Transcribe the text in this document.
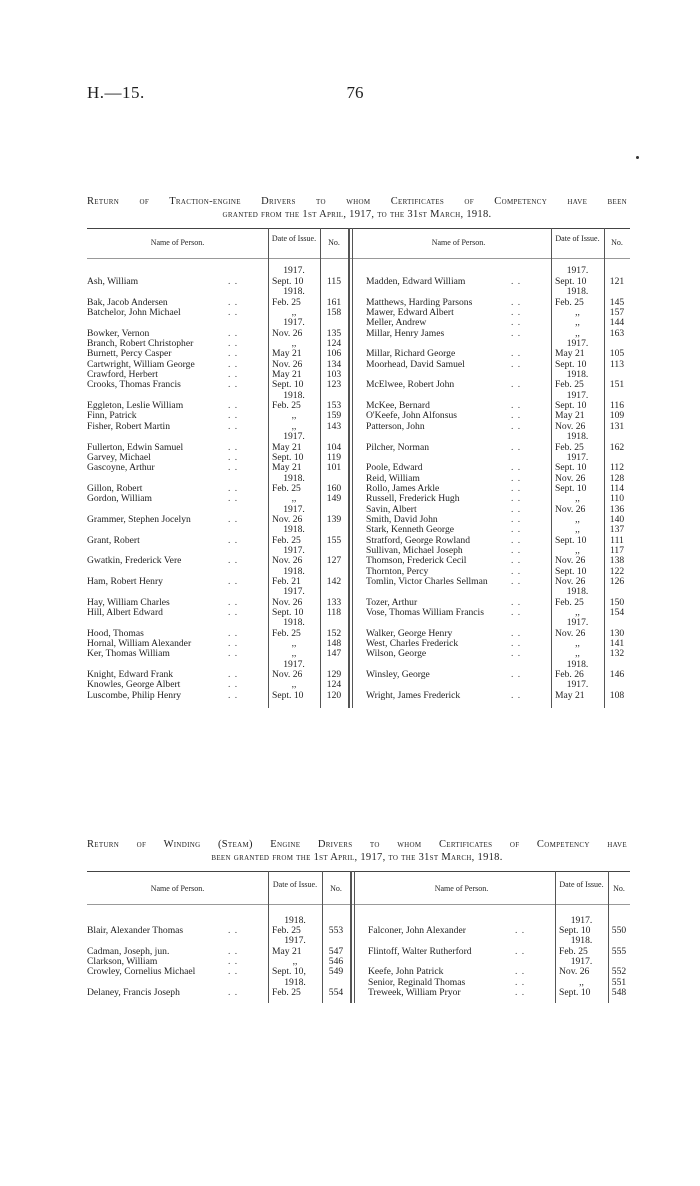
H.—15.	76
Return of Traction-engine Drivers to whom Certificates of Competency have been
granted from the 1st April, 1917, to the 31st March, 1918.
Name of Person.	Date of Issue.	No.	Name of Person.	Date of Issue.	No.
1917.
Ash, William	. .	Sept. 10	115
1918.
Bak, Jacob Andersen	. .	Feb. 25	161
Batchelor, John Michael	. .	,,	158
1917.
Bowker, Vernon	. .	Nov. 26	135
Branch, Robert Christopher	. .	,,	124
Burnett, Percy Casper	. .	May 21	106
Cartwright, William George	. .	Nov. 26	134
Crawford, Herbert	. .	May 21	103
Crooks, Thomas Francis	. .	Sept. 10	123
1918.
Eggleton, Leslie William	. .	Feb. 25	153
Finn, Patrick	. .	,,	159
Fisher, Robert Martin	. .	,,	143
1917.
Fullerton, Edwin Samuel	. .	May 21	104
Garvey, Michael	. .	Sept. 10	119
Gascoyne, Arthur	. .	May 21	101
1918.
Gillon, Robert	. .	Feb. 25	160
Gordon, William	. .	,,	149
1917.
Grammer, Stephen Jocelyn	. .	Nov. 26	139
1918.
Grant, Robert	. .	Feb. 25	155
1917.
Gwatkin, Frederick Vere	. .	Nov. 26	127
1918.
Ham, Robert Henry	. .	Feb. 21	142
1917.
Hay, William Charles	. .	Nov. 26	133
Hill, Albert Edward	. .	Sept. 10	118
1918.
Hood, Thomas	. .	Feb. 25	152
Hornal, William Alexander	. .	,,	148
Ker, Thomas William	. .	,,	147
1917.
Knight, Edward Frank	. .	Nov. 26	129
Knowles, George Albert	. .	,,	124
Luscombe, Philip Henry	. .	Sept. 10	120
1917.
Madden, Edward William	. .	Sept. 10	121
1918.
Matthews, Harding Parsons	. .	Feb. 25	145
Mawer, Edward Albert	. .	,,	157
Meller, Andrew	. .	,,	144
Millar, Henry James	. .	,,	163
1917.
Millar, Richard George	. .	May 21	105
Moorhead, David Samuel	. .	Sept. 10	113
1918.
McElwee, Robert John	. .	Feb. 25	151
1917.
McKee, Bernard	. .	Sept. 10	116
O'Keefe, John Alfonsus	. .	May 21	109
Patterson, John	. .	Nov. 26	131
1918.
Pilcher, Norman	. .	Feb. 25	162
1917.
Poole, Edward	. .	Sept. 10	112
Reid, William	. .	Nov. 26	128
Rollo, James Arkle	. .	Sept. 10	114
Russell, Frederick Hugh	. .	,,	110
Savin, Albert	. .	Nov. 26	136
Smith, David John	. .	,,	140
Stark, Kenneth George	. .	,,	137
Stratford, George Rowland	. .	Sept. 10	111
Sullivan, Michael Joseph	. .	,,	117
Thomson, Frederick Cecil	. .	Nov. 26	138
Thornton, Percy	. .	Sept. 10	122
Tomlin, Victor Charles Sellman . .	Nov. 26	126
1918.
Tozer, Arthur	. .	Feb. 25	150
Vose, Thomas William Francis	. .	,,	154
1917.
Walker, George Henry	. .	Nov. 26	130
West, Charles Frederick	. .	,,	141
Wilson, George	. .	,,	132
1918.
Winsley, George	. .	Feb. 26	146
1917.
Wright, James Frederick	. .	May 21	108
Return of Winding (Steam) Engine Drivers to whom Certificates of Competency have
been granted from the 1st April, 1917, to the 31st March, 1918.
Name of Person.	Date of Issue.	No.	Name of Person.	Date of Issue.	No.
1918.
Blair, Alexander Thomas	. .	Feb. 25	553
1917.
Cadman, Joseph, jun.	. .	May 21	547
Clarkson, William	. .	,,	546
Crowley, Cornelius Michael	. .	Sept. 10,	549
1918.
Delaney, Francis Joseph	. .	Feb. 25	554
1917.
Falconer, John Alexander	. .	Sept. 10	550
1918.
Flintoff, Walter Rutherford	. .	Feb. 25	555
1917.
Keefe, John Patrick	. .	Nov. 26	552
Senior, Reginald Thomas	. .	,,	551
Treweek, William Pryor	. .	Sept. 10	548
